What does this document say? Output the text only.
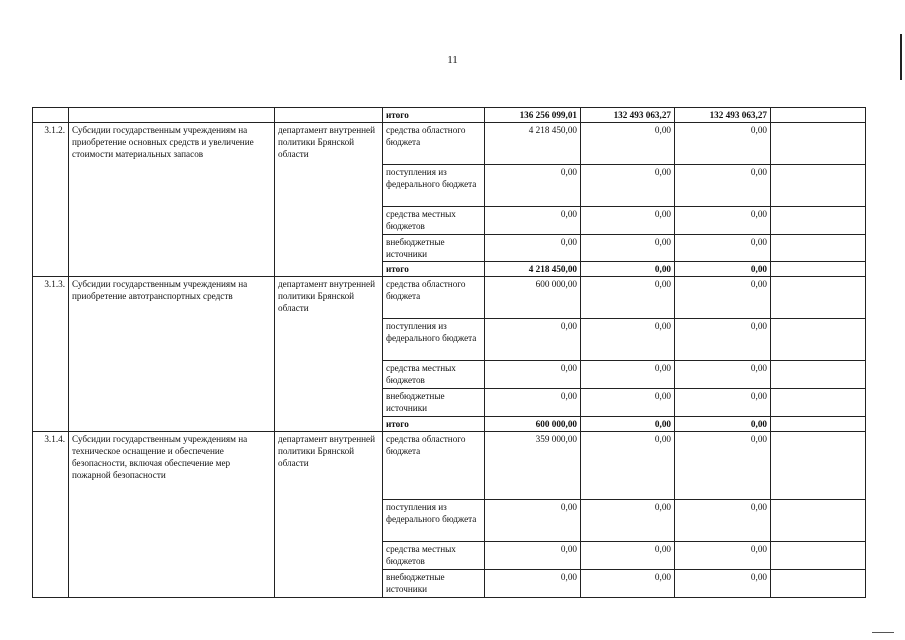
11
			итого	136 256 099,01	132 493 063,27	132 493 063,27	
3.1.2.	Субсидии государственным учреждениям на приобретение основных средств и увеличение стоимости материальных запасов	департамент внутренней политики Брянской области	средства областного бюджета	4 218 450,00	0,00	0,00	
			поступления из федерального бюджета	0,00	0,00	0,00	
			средства местных бюджетов	0,00	0,00	0,00	
			внебюджетные источники	0,00	0,00	0,00	
			итого	4 218 450,00	0,00	0,00	
3.1.3.	Субсидии государственным учреждениям на приобретение автотранспортных средств	департамент внутренней политики Брянской области	средства областного бюджета	600 000,00	0,00	0,00	
			поступления из федерального бюджета	0,00	0,00	0,00	
			средства местных бюджетов	0,00	0,00	0,00	
			внебюджетные источники	0,00	0,00	0,00	
			итого	600 000,00	0,00	0,00	
3.1.4.	Субсидии государственным учреждениям на техническое оснащение и обеспечение безопасности, включая обеспечение мер пожарной безопасности	департамент внутренней политики Брянской области	средства областного бюджета	359 000,00	0,00	0,00	
			поступления из федерального бюджета	0,00	0,00	0,00	
			средства местных бюджетов	0,00	0,00	0,00	
			внебюджетные источники	0,00	0,00	0,00	
